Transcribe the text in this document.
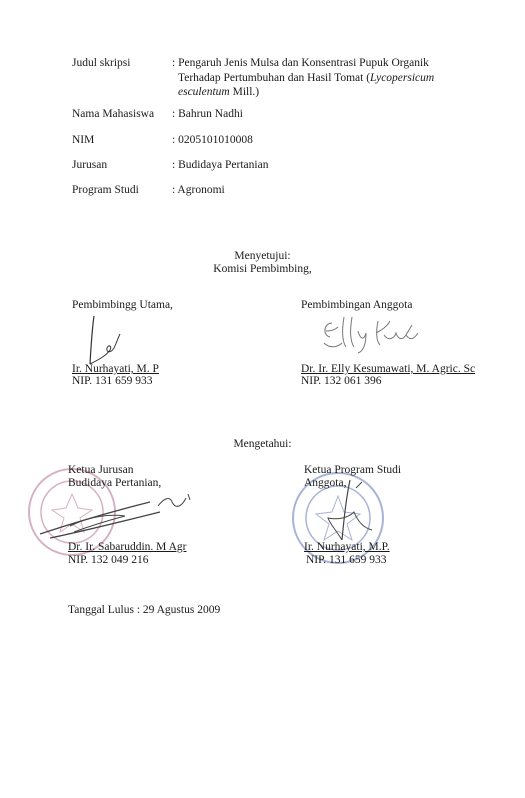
Judul skripsi	: Pengaruh Jenis Mulsa dan Konsentrasi Pupuk Organik
Terhadap Pertumbuhan dan Hasil Tomat (Lycopersicum esculentum Mill.)
Nama Mahasiswa : Bahrun Nadhi
NIM	: 0205101010008
Jurusan	: Budidaya Pertanian
Program Studi	: Agronomi
Menyetujui:
Komisi Pembimbing,
Pembimbingg Utama,
Ir. Nurhayati, M. P
NIP. 131 659 933
Pembimbingan Anggota
Dr. Ir. Elly Kesumawati, M. Agric. Sc
NIP. 132 061 396
Mengetahui:
Ketua Jurusan
Budidaya Pertanian,
Dr. Ir. Sabaruddin. M Agr
NIP. 132 049 216
Ketua Program Studi
Anggota,
Ir. Nurhayati, M.P.
NIP. 131 659 933
Tanggal Lulus : 29 Agustus 2009
